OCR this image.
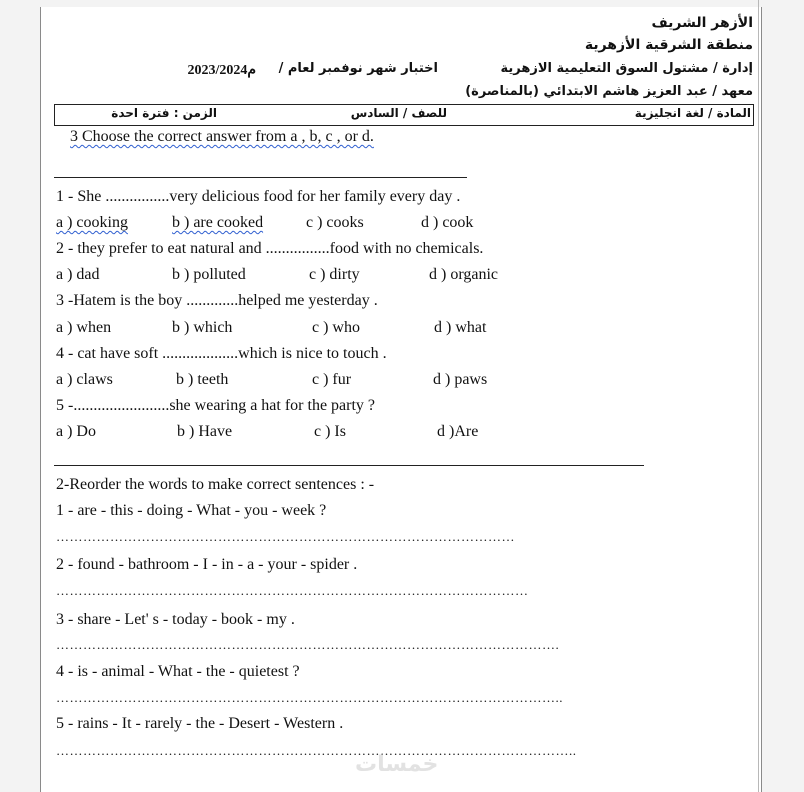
الأزهر الشريف
منطقة الشرقية الأزهرية
إدارة / مشتول السوق التعليمية الازهرية
اختبار شهر نوفمبر لعام /
2023/2024م
معهد / عبد العزيز هاشم الابتدائي (بالمناصرة)
المادة / لغة انجليزية
للصف / السادس
الزمن : فترة احدة
3 Choose the correct answer from a , b, c , or d.
1 - She ................very delicious food for her family every day .
a ) cooking	b ) are cooked	c ) cooks	d ) cook
2 - they prefer to eat natural and ................food with no chemicals.
a ) dad	b ) polluted	c ) dirty	d ) organic
3 -Hatem is the boy .............helped me yesterday .
a ) when	b ) which	c ) who	d ) what
4 - cat have soft ...................which is nice to touch .
a ) claws	b ) teeth	c ) fur	d ) paws
5 -........................she wearing a hat for the party ?
a ) Do	b ) Have	c ) Is	d )Are
2-Reorder the words to make correct sentences : -
1 - are - this - doing - What - you - week ?
…………………………………………………………………………………………
2 - found - bathroom - I - in - a - your - spider .
……………………………………………………………………………………………
3 - share - Let' s - today - book - my .
………………………………………………………………………………………………….
4 - is - animal - What - the - quietest ?
…………………………………………………………………………………………………..
5 - rains - It - rarely - the - Desert - Western .
……………………………………………………………………………………………………..
خمسات
